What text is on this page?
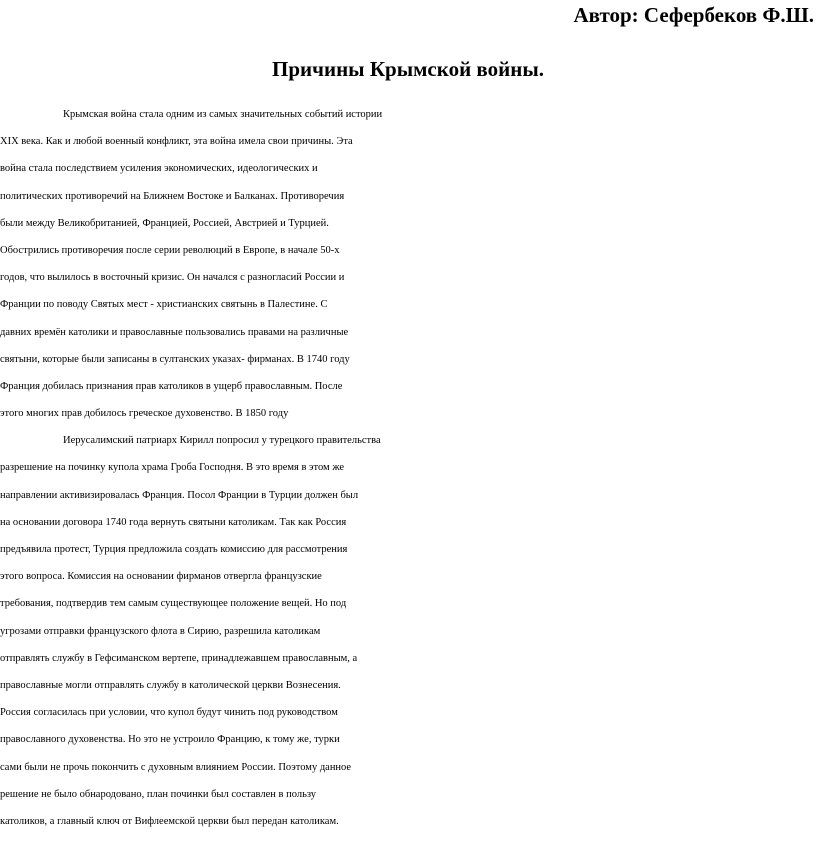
Автор: Сефербеков Ф.Ш.
Причины Крымской войны.
Крымская война стала одним из самых значительных событий истории
XIX века. Как и любой военный конфликт, эта война имела свои причины. Эта
война стала последствием усиления экономических, идеологических и
политических противоречий на Ближнем Востоке и Балканах. Противоречия
были между Великобританией, Францией, Россией, Австрией и Турцией.
Обострились противоречия после серии революций в Европе, в начале 50-х
годов, что вылилось в восточный кризис. Он начался с разногласий России и
Франции по поводу Святых мест - христианских святынь в Палестине. С
давних времён католики и православные пользовались правами на различные
святыни, которые были записаны в султанских указах- фирманах. В 1740 году
Франция добилась признания прав католиков в ущерб православным. После
этого многих прав добилось греческое духовенство. В 1850 году
Иерусалимский патриарх Кирилл попросил у турецкого правительства
разрешение на починку купола храма Гроба Господня. В это время в этом же
направлении активизировалась Франция. Посол Франции в Турции должен был
на основании договора 1740 года вернуть святыни католикам. Так как Россия
предъявила протест, Турция предложила создать комиссию для рассмотрения
этого вопроса. Комиссия на основании фирманов отвергла французские
требования, подтвердив тем самым существующее положение вещей. Но под
угрозами отправки французского флота в Сирию, разрешила католикам
отправлять службу в Гефсиманском вертепе, принадлежавшем православным, а
православные могли отправлять службу в католической церкви Вознесения.
Россия согласилась при условии, что купол будут чинить под руководством
православного духовенства. Но это не устроило Францию, к тому же, турки
сами были не прочь покончить с духовным влиянием России. Поэтому данное
решение не было обнародовано, план починки был составлен в пользу
католиков, а главный ключ от Вифлеемской церкви был передан католикам.
